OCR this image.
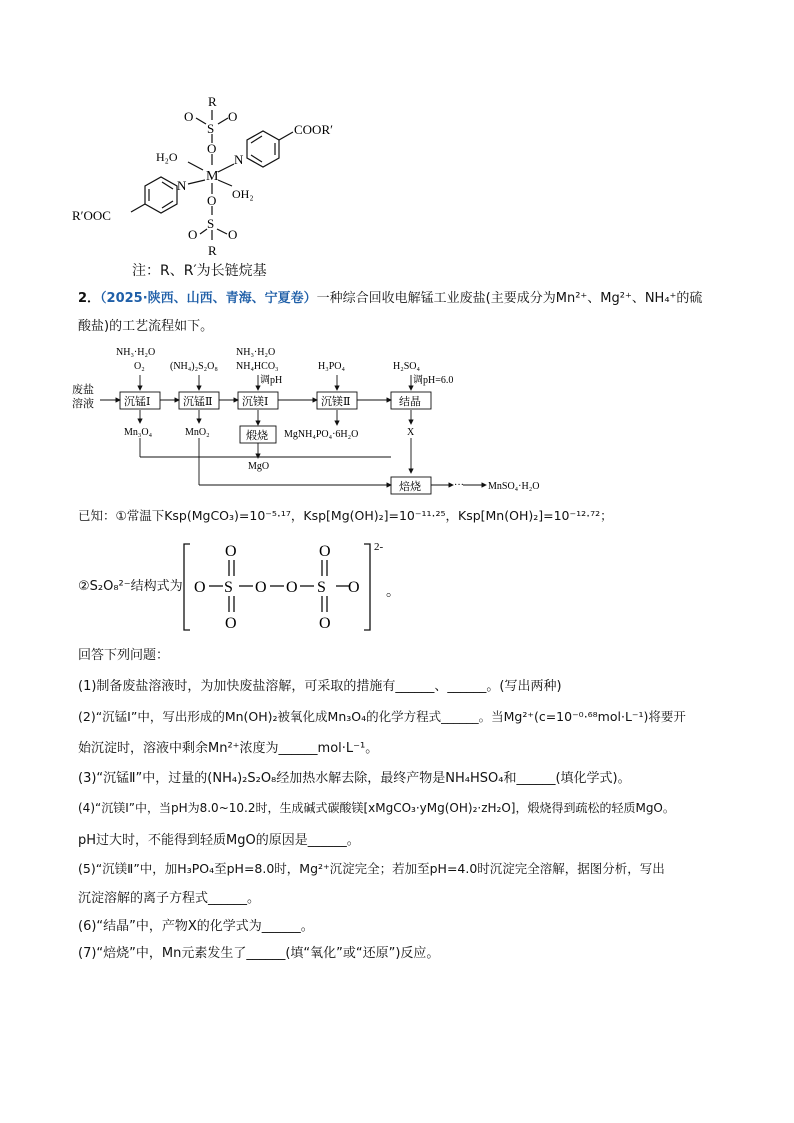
R
O
S
O
O
M
H₂O
OH₂
N
N
COOR′
R′OOC
O
S
O O
R
注：R、R′为长链烷基
2．（2025·陕西、山西、青海、宁夏卷）一种综合回收电解锰工业废盐(主要成分为Mn²⁺、Mg²⁺、NH₄⁺的硫
酸盐)的工艺流程如下。
废盐
溶液	沉锰Ⅰ	沉锰Ⅱ	沉镁Ⅰ	沉镁Ⅱ	结晶
煅烧
焙烧
NH₃·H₂O
O₂	(NH₄)₂S₂O₈
NH₃·H₂O
NH₄HCO₃
调pH
H₃PO₄	H₂SO₄
调pH=6.0
Mn₃O₄	MnO₂
MgO
MgNH₄PO₄·6H₂O	X
··· MnSO₄·H₂O
已知：①常温下Ksp(MgCO₃)=10⁻⁵·¹⁷，Ksp[Mg(OH)₂]=10⁻¹¹·²⁵，Ksp[Mn(OH)₂]=10⁻¹²·⁷²；
②S₂O₈²⁻结构式为 O S
O
O
O O S
O
O
O
2-
。
回答下列问题：
(1)制备废盐溶液时，为加快废盐溶解，可采取的措施有______、______。(写出两种)
(2)“沉锰Ⅰ”中，写出形成的Mn(OH)₂被氧化成Mn₃O₄的化学方程式______。当Mg²⁺(c=10⁻⁰·⁶⁸mol·L⁻¹)将要开
始沉淀时，溶液中剩余Mn²⁺浓度为______mol·L⁻¹。
(3)“沉锰Ⅱ”中，过量的(NH₄)₂S₂O₈经加热水解去除，最终产物是NH₄HSO₄和______(填化学式)。
(4)“沉镁Ⅰ”中，当pH为8.0~10.2时，生成碱式碳酸镁[xMgCO₃·yMg(OH)₂·zH₂O]，煅烧得到疏松的轻质MgO。
pH过大时，不能得到轻质MgO的原因是______。
(5)“沉镁Ⅱ”中，加H₃PO₄至pH=8.0时，Mg²⁺沉淀完全；若加至pH=4.0时沉淀完全溶解，据图分析，写出
沉淀溶解的离子方程式______。
(6)“结晶”中，产物X的化学式为______。
(7)“焙烧”中，Mn元素发生了______(填“氧化”或“还原”)反应。
